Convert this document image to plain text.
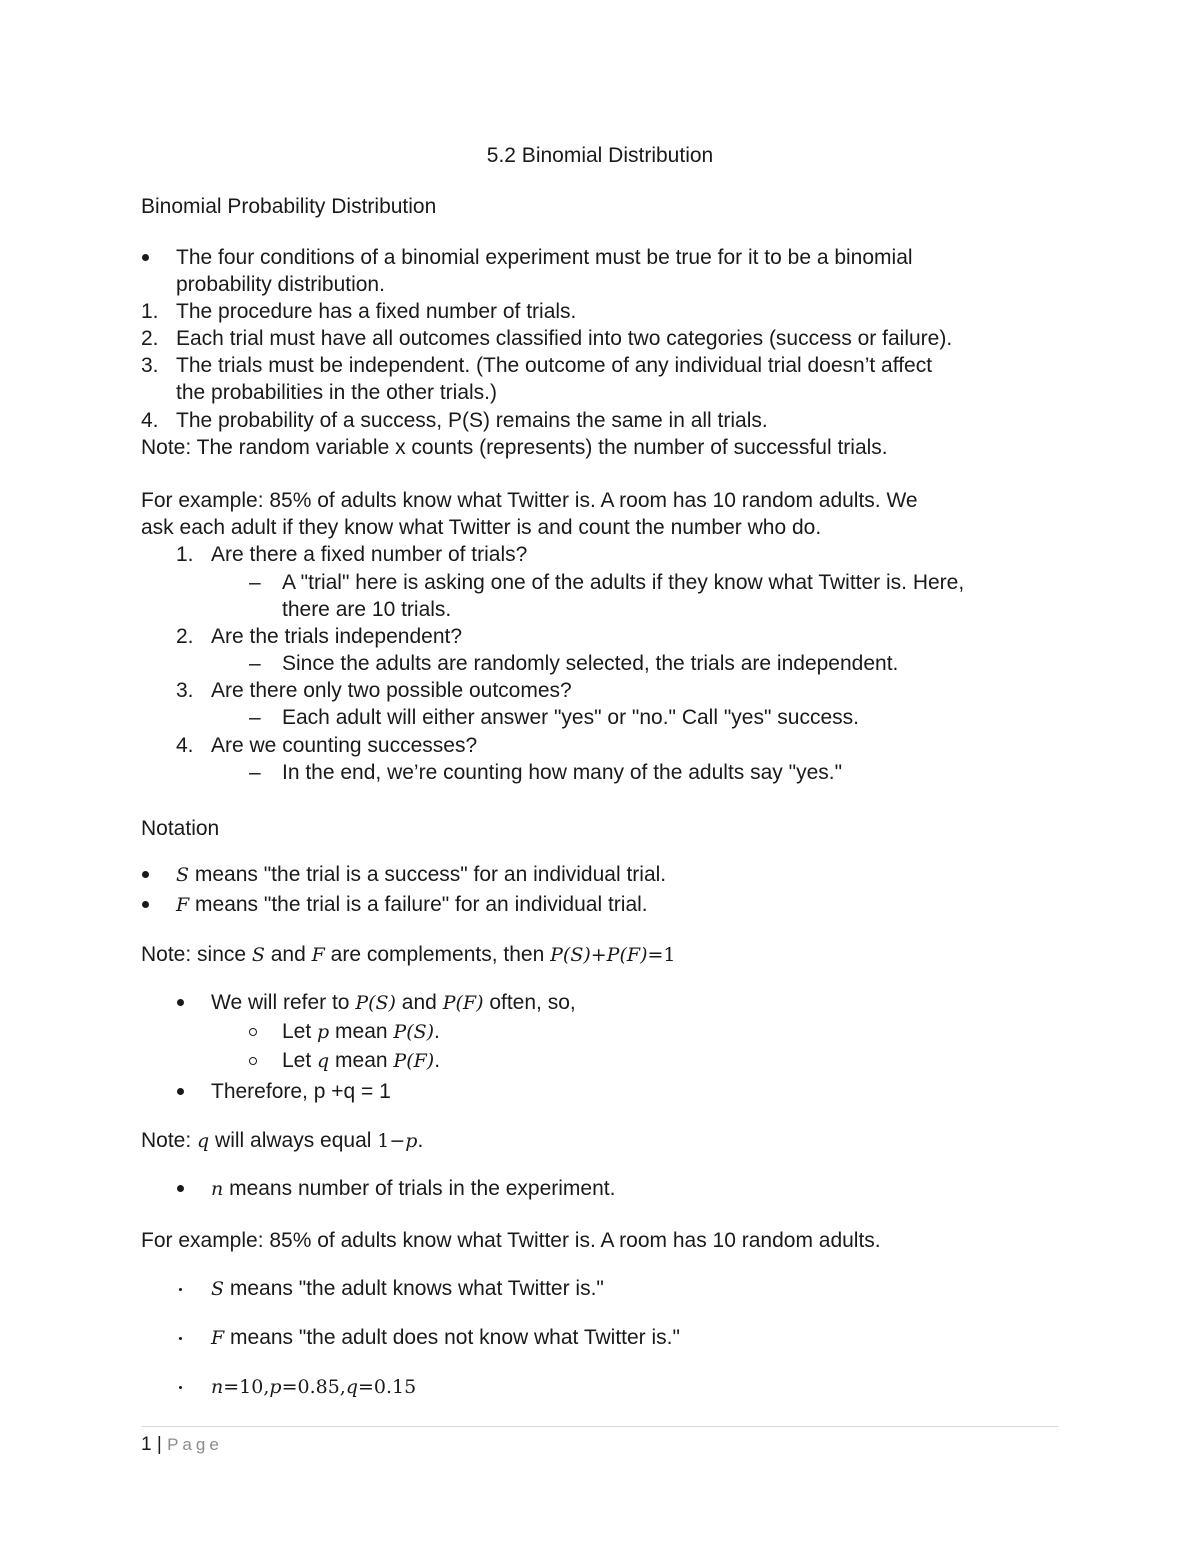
5.2 Binomial Distribution
Binomial Probability Distribution
The four conditions of a binomial experiment must be true for it to be a binomial
probability distribution.
1. The procedure has a fixed number of trials.
2. Each trial must have all outcomes classified into two categories (success or failure).
3. The trials must be independent. (The outcome of any individual trial doesn’t affect
the probabilities in the other trials.)
4. The probability of a success, P(S) remains the same in all trials.
Note: The random variable x counts (represents) the number of successful trials.
For example: 85% of adults know what Twitter is. A room has 10 random adults. We
ask each adult if they know what Twitter is and count the number who do.
1. Are there a fixed number of trials?
– A "trial" here is asking one of the adults if they know what Twitter is. Here,
there are 10 trials.
2. Are the trials independent?
– Since the adults are randomly selected, the trials are independent.
3. Are there only two possible outcomes?
– Each adult will either answer "yes" or "no." Call "yes" success.
4. Are we counting successes?
– In the end, we’re counting how many of the adults say "yes."
Notation
S means "the trial is a success" for an individual trial.
F means "the trial is a failure" for an individual trial.
Note: since S and F are complements, then P(S)+P(F)=1
We will refer to P(S) and P(F) often, so,
Let p mean P(S).
Let q mean P(F).
Therefore, p +q = 1
Note: q will always equal 1−p.
n means number of trials in the experiment.
For example: 85% of adults know what Twitter is. A room has 10 random adults.
S means "the adult knows what Twitter is."
F means "the adult does not know what Twitter is."
n=10,p=0.85,q=0.15
1 | Page
